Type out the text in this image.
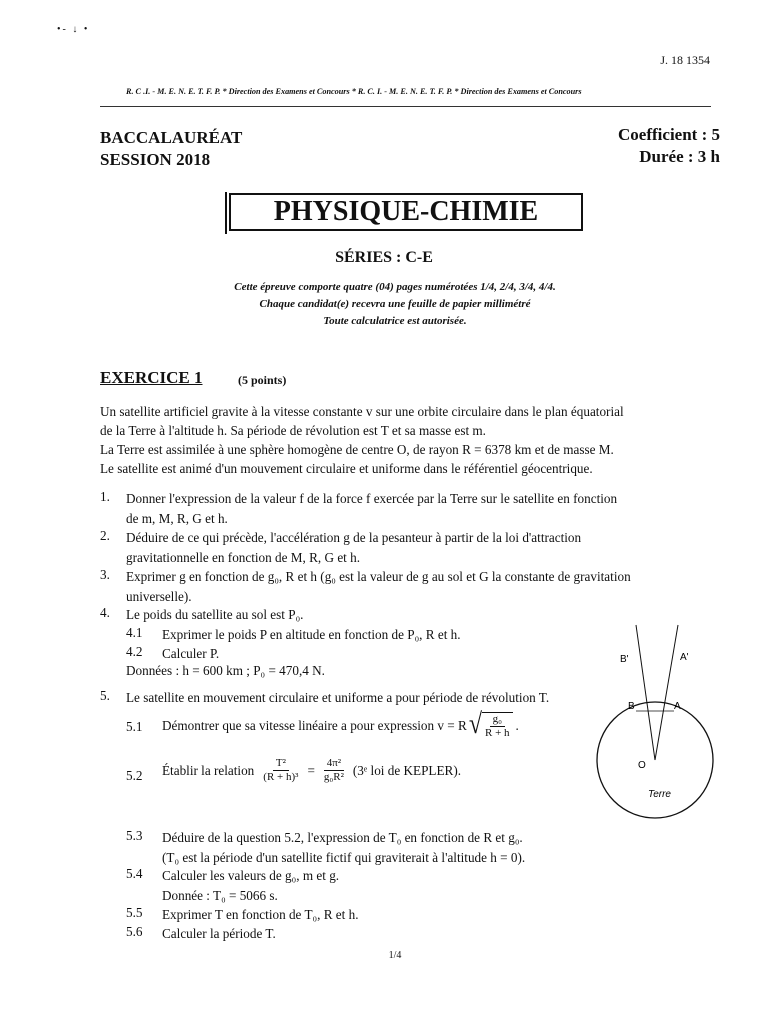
•- ↓ •
J. 18 1354
R. C .I. - M. E. N. E. T. F. P. * Direction des Examens et Concours * R. C. I. - M. E. N. E. T. F. P. * Direction des Examens et Concours
BACCALAURÉAT
SESSION 2018
Coefficient : 5
Durée : 3 h
PHYSIQUE-CHIMIE
SÉRIES : C-E
Cette épreuve comporte quatre (04) pages numérotées 1/4, 2/4, 3/4, 4/4.
Chaque candidat(e) recevra une feuille de papier millimétré
Toute calculatrice est autorisée.
EXERCICE 1	(5 points)
Un satellite artificiel gravite à la vitesse constante v sur une orbite circulaire dans le plan équatorial
de la Terre à l'altitude h. Sa période de révolution est T et sa masse est m.
La Terre est assimilée à une sphère homogène de centre O, de rayon R = 6378 km et de masse M.
Le satellite est animé d'un mouvement circulaire et uniforme dans le référentiel géocentrique.
1. Donner l'expression de la valeur f de la force f exercée par la Terre sur le satellite en fonction
de m, M, R, G et h.
2. Déduire de ce qui précède, l'accélération g de la pesanteur à partir de la loi d'attraction
gravitationnelle en fonction de M, R, G et h.
3. Exprimer g en fonction de g₀, R et h (g₀ est la valeur de g au sol et G la constante de gravitation
universelle).
4. Le poids du satellite au sol est P₀.
4.1 Exprimer le poids P en altitude en fonction de P₀, R et h.
4.2 Calculer P.
Données : h = 600 km ; P₀ = 470,4 N.
5. Le satellite en mouvement circulaire et uniforme a pour période de révolution T.
5.1 Démontrer que sa vitesse linéaire a pour expression v = R √ $\frac{\text{g₀}}{R + h}$ .
5.2 Établir la relation $\frac{\text{T²}}{\text{(R + h)³}} = \frac{\text{4π²}}{\text{g₀R²}}$ (3ᵉ loi de KEPLER).
5.3 Déduire de la question 5.2, l'expression de T₀ en fonction de R et g₀.
(T₀ est la période d'un satellite fictif qui graviterait à l'altitude h = 0).
5.4 Calculer les valeurs de g₀, m et g.
Donnée : T₀ = 5066 s.
5.5 Exprimer T en fonction de T₀, R et h.
5.6 Calculer la période T.
B'	A'
B	A
O
Terre
1/4
